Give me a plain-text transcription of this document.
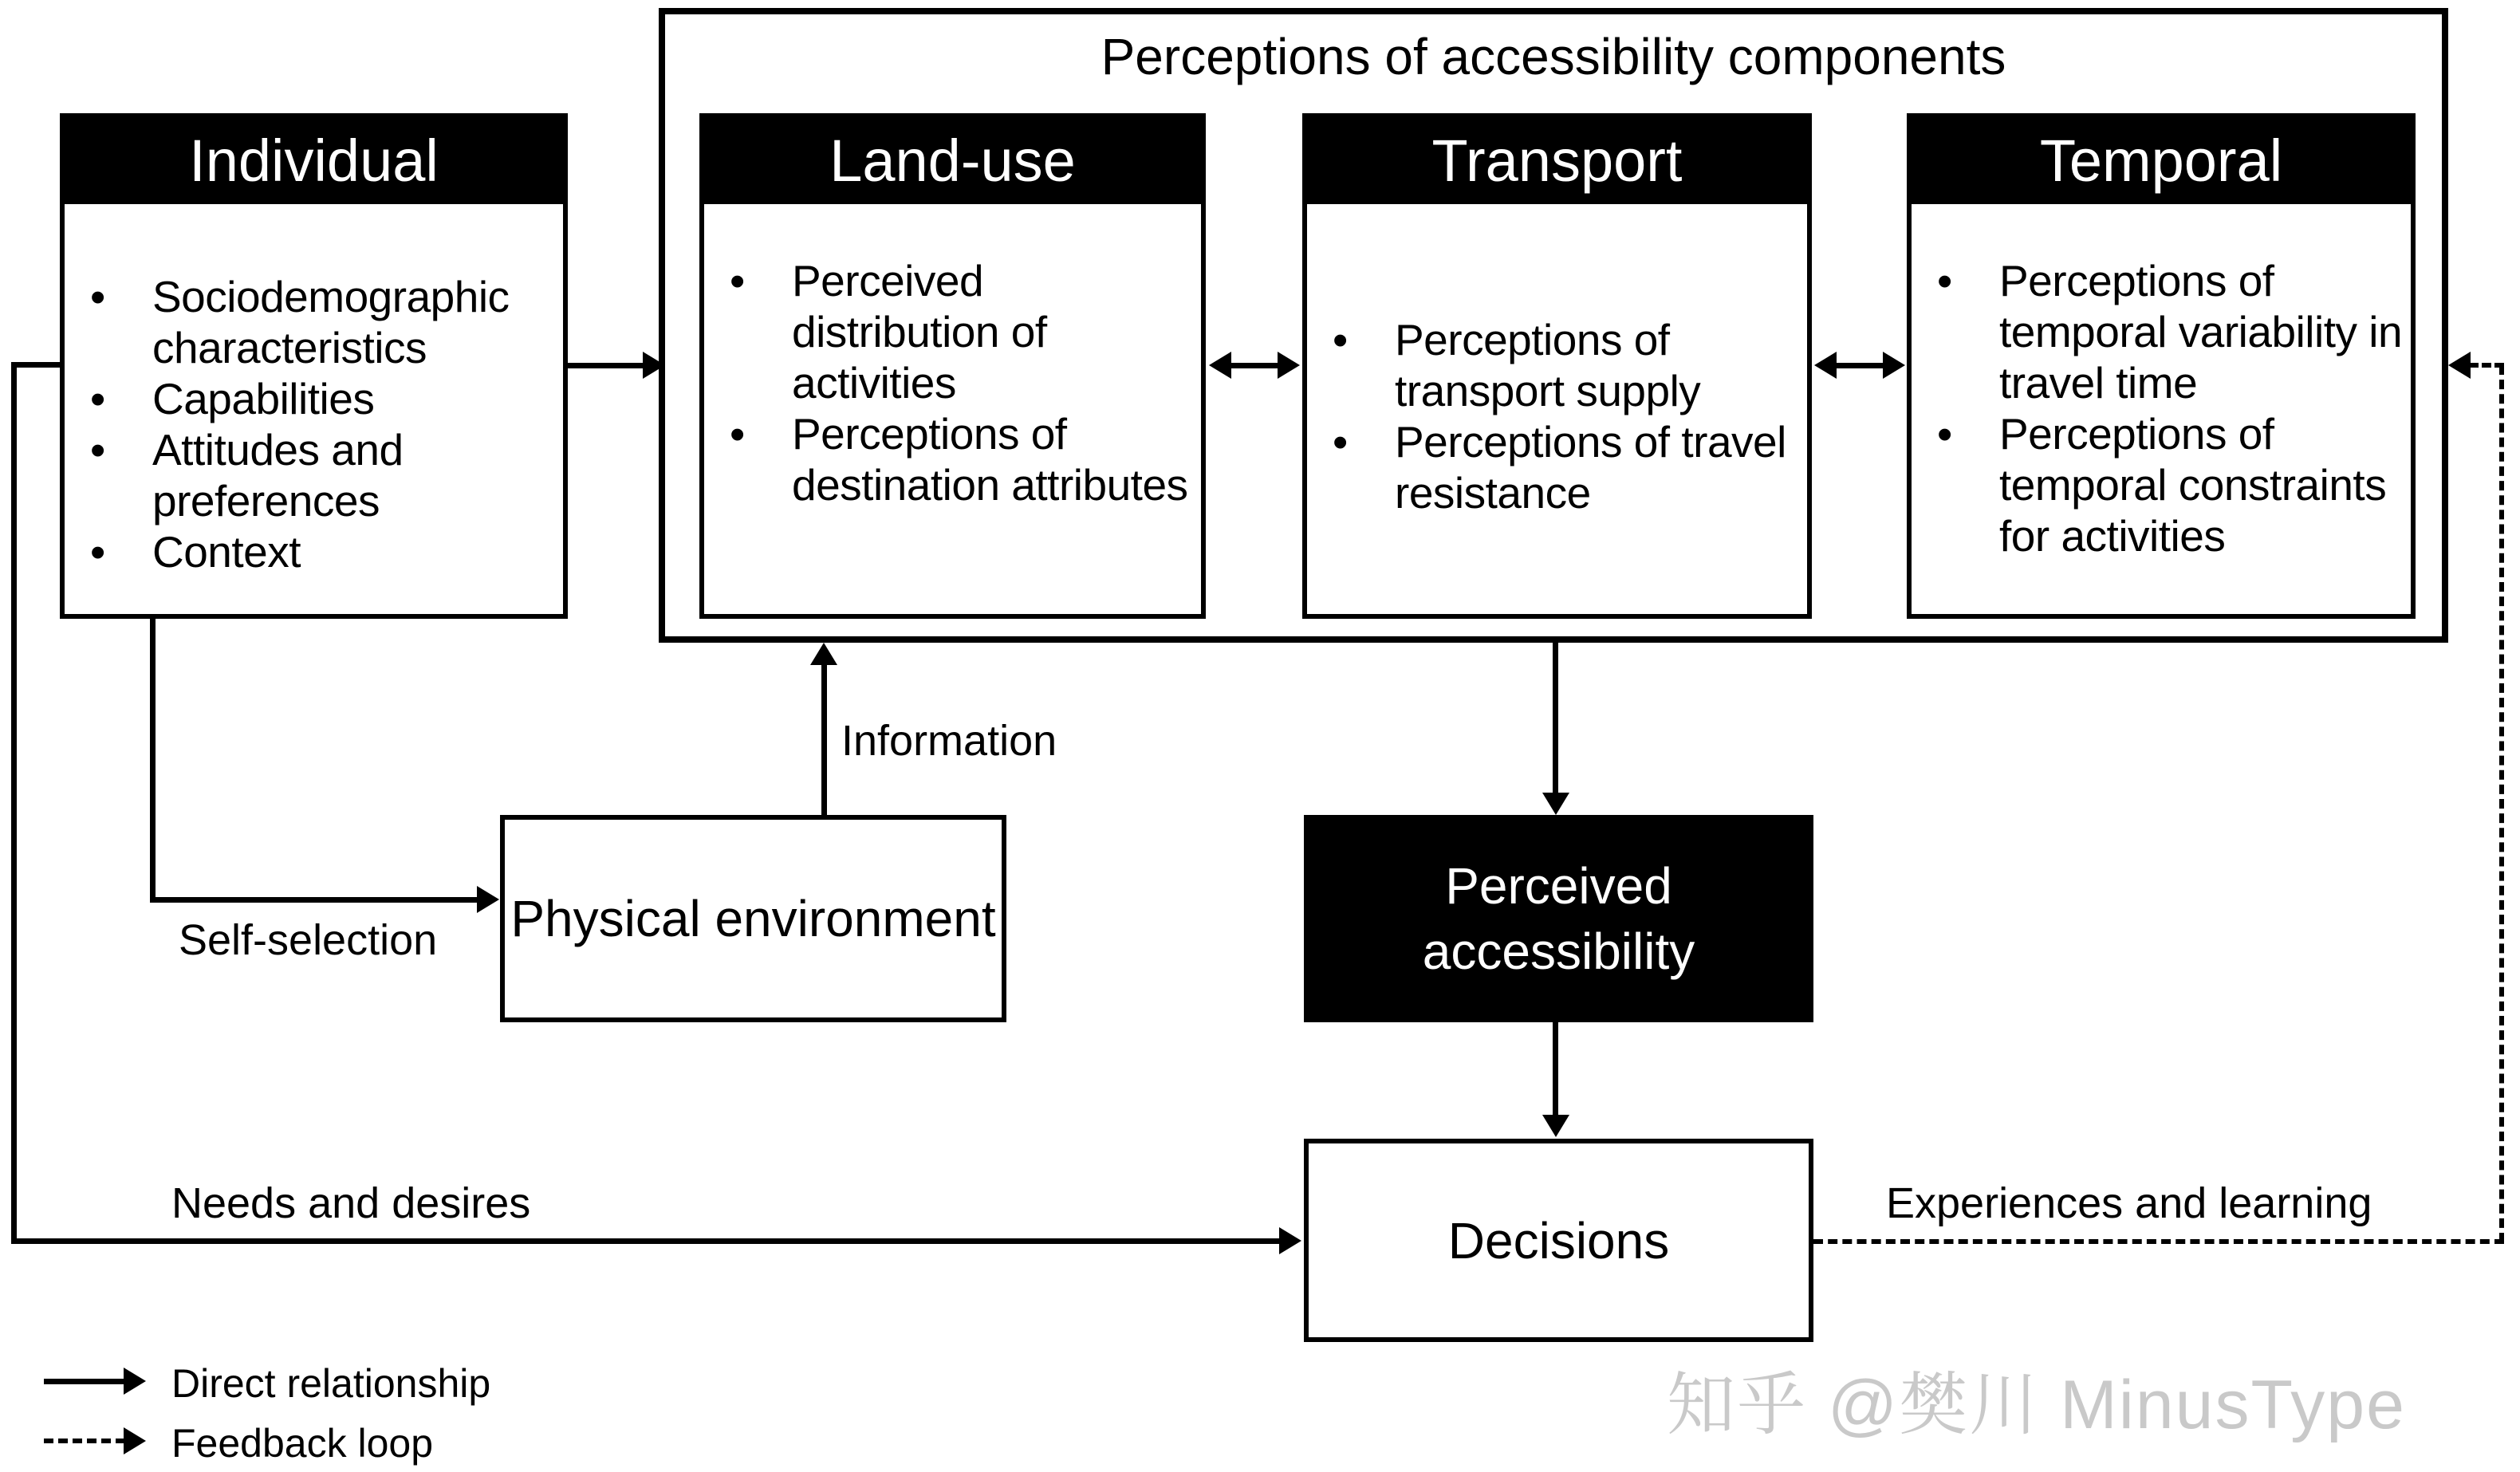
Perceptions of accessibility components
Individual
• Sociodemographic characteristics
• Capabilities
• Attitudes and preferences
• Context
Land-use
• Perceived distribution of activities
• Perceptions of destination attributes
Transport
• Perceptions of transport supply
• Perceptions of travel resistance
Temporal
• Perceptions of temporal variability in travel time
• Perceptions of temporal constraints for activities
Physical environment
Perceived accessibility
Decisions
Information
Self-selection
Needs and desires	Experiences and learning
Direct relationship
Feedback loop	知乎 @樊川 MinusType
